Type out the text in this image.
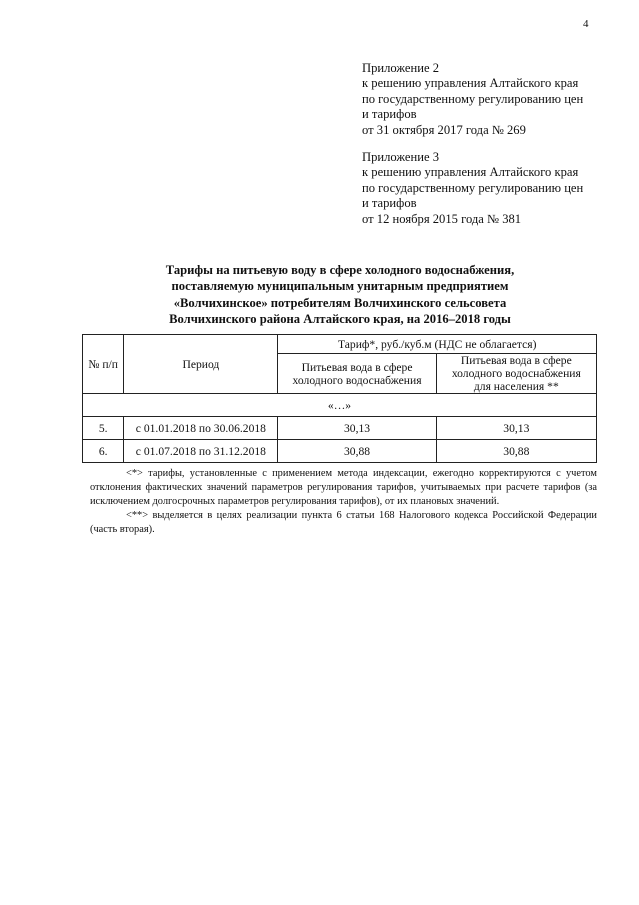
4
Приложение 2
к решению управления Алтайского края
по государственному регулированию цен
и тарифов
от 31 октября 2017 года № 269
Приложение 3
к решению управления Алтайского края
по государственному регулированию цен
и тарифов
от 12 ноября 2015 года № 381
Тарифы на питьевую воду в сфере холодного водоснабжения,
поставляемую муниципальным унитарным предприятием
«Волчихинское» потребителям Волчихинского сельсовета
Волчихинского района Алтайского края, на 2016–2018 годы
№ п/п	Период	Тариф*, руб./куб.м (НДС не облагается)	
		Питьевая вода в сфере холодного водоснабжения	Питьевая вода в сфере
холодного водоснабжения
для населения **

«…»			
5.	с 01.01.2018 по 30.06.2018	30,13	30,13
6.	с 01.07.2018 по 31.12.2018	30,88	30,88

<*> тарифы, установленные с применением метода индексации, ежегодно корректируются с учетом отклонения фактических значений параметров регулирования тарифов, учитываемых при расчете тарифов (за исключением долгосрочных параметров регулирования тарифов), от их плановых значений.

<**> выделяется в целях реализации пункта 6 статьи 168 Налогового кодекса Российской Федерации (часть вторая).
